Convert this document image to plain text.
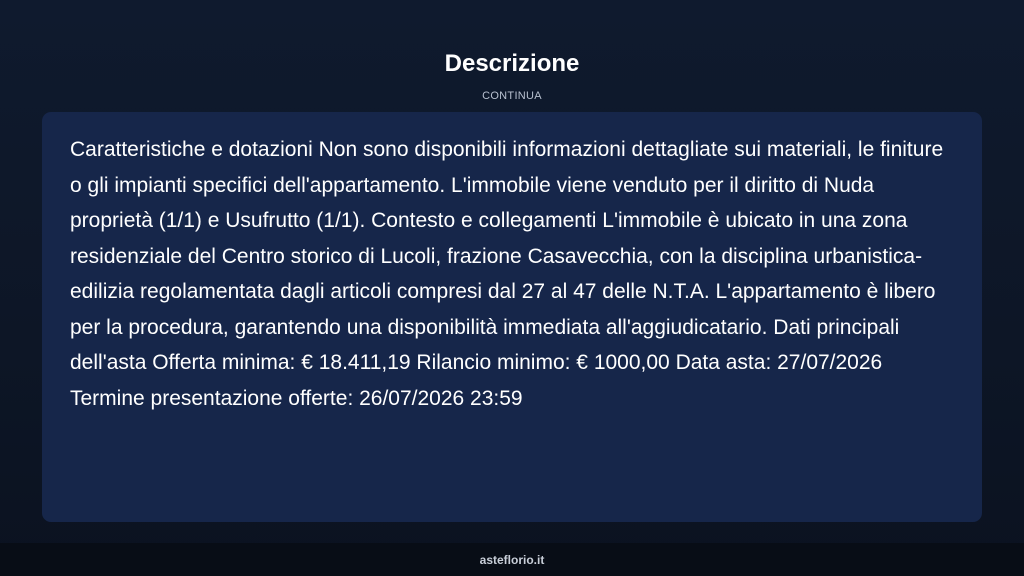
Descrizione
CONTINUA

Caratteristiche e dotazioni Non sono disponibili informazioni dettagliate sui materiali, le finiture o gli impianti specifici dell'appartamento. L'immobile viene venduto per il diritto di Nuda proprietà (1/1) e Usufrutto (1/1). Contesto e collegamenti L'immobile è ubicato in una zona residenziale del Centro storico di Lucoli, frazione Casavecchia, con la disciplina urbanistica-edilizia regolamentata dagli articoli compresi dal 27 al 47 delle N.T.A. L'appartamento è libero per la procedura, garantendo una disponibilità immediata all'aggiudicatario. Dati principali dell'asta Offerta minima: € 18.411,19 Rilancio minimo: € 1000,00 Data asta: 27/07/2026 Termine presentazione offerte: 26/07/2026 23:59

asteflorio.it
